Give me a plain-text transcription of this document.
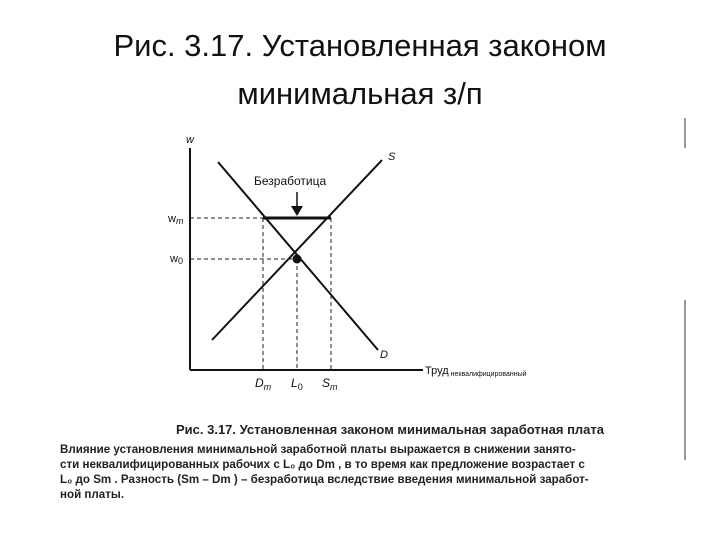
Рис. 3.17. Установленная законом
минимальная з/п
w
S
D
Безработица
wm
w0
$D_m$ $L_0$ $S_m$
Труд неквалифицированный
Рис. 3.17. Установленная законом минимальная заработная плата
Влияние установления минимальной заработной платы выражается в снижении занято-
сти неквалифицированных рабочих с L₀ до Dm , в то время как предложение возрастает с
L₀ до Sm . Разность (Sm – Dm ) – безработица вследствие введения минимальной заработ-
ной платы.
